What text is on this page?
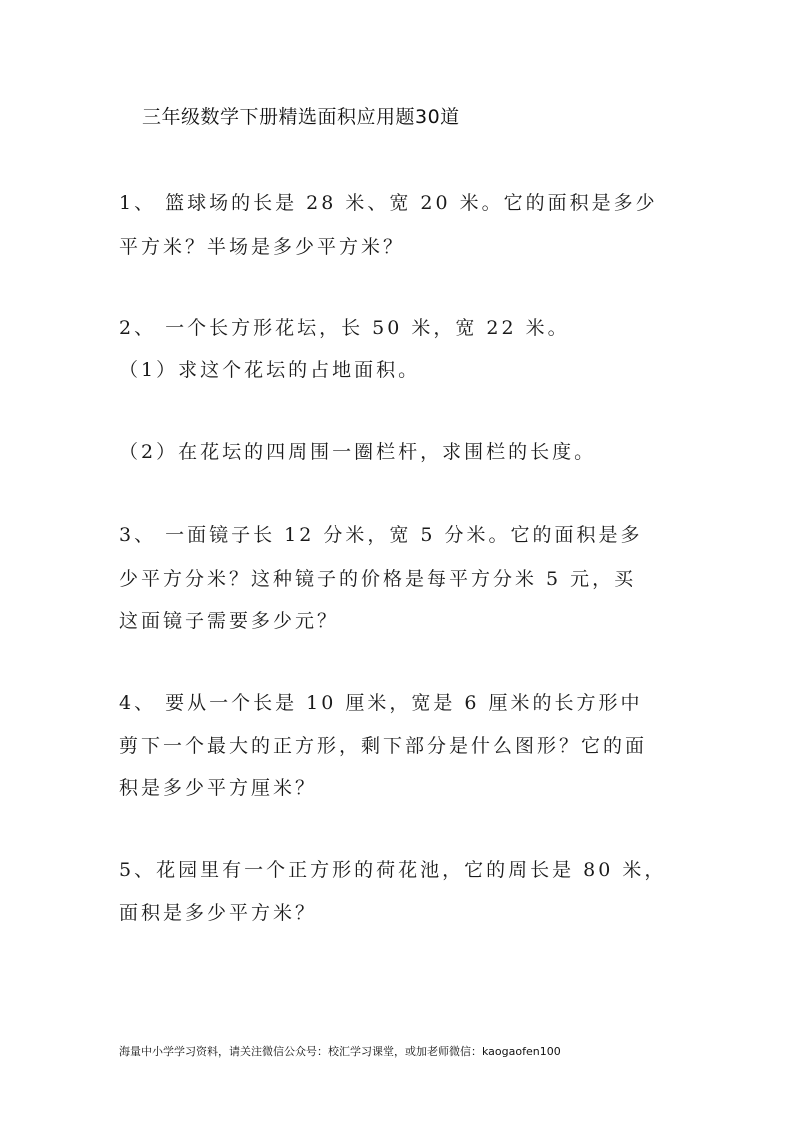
三年级数学下册精选面积应用题30道
1、 篮球场的长是 28 米、宽 20 米。它的面积是多少
平方米？半场是多少平方米？
2、 一个长方形花坛，长 50 米，宽 22 米。
（1）求这个花坛的占地面积。
（2）在花坛的四周围一圈栏杆，求围栏的长度。
3、 一面镜子长 12 分米，宽 5 分米。它的面积是多
少平方分米？这种镜子的价格是每平方分米 5 元，买
这面镜子需要多少元？
4、 要从一个长是 10 厘米，宽是 6 厘米的长方形中
剪下一个最大的正方形，剩下部分是什么图形？它的面
积是多少平方厘米？
5、花园里有一个正方形的荷花池，它的周长是 80 米，
面积是多少平方米？
海量中小学学习资料，请关注微信公众号：校汇学习课堂，或加老师微信：kaogaofen100
